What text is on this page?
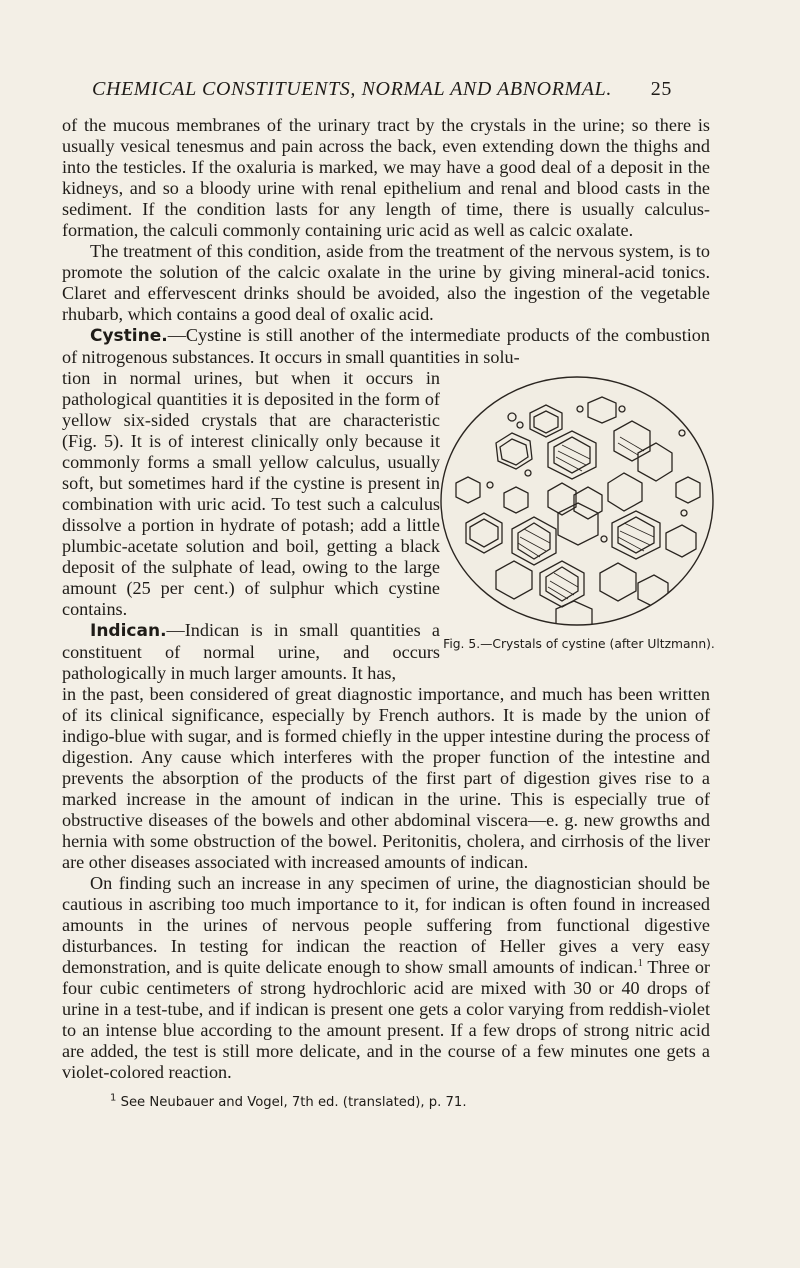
CHEMICAL CONSTITUENTS, NORMAL AND ABNORMAL. 25

of the mucous membranes of the urinary tract by the crystals in the urine; so there is usually vesical tenesmus and pain across the back, even extending down the thighs and into the testicles. If the oxaluria is marked, we may have a good deal of a deposit in the kidneys, and so a bloody urine with renal epithelium and renal and blood casts in the sediment. If the condition lasts for any length of time, there is usually calculus-formation, the calculi commonly containing uric acid as well as calcic oxalate.

The treatment of this condition, aside from the treatment of the nervous system, is to promote the solution of the calcic oxalate in the urine by giving mineral-acid tonics. Claret and effervescent drinks should be avoided, also the ingestion of the vegetable rhubarb, which contains a good deal of oxalic acid.

Cystine.—Cystine is still another of the intermediate products of the combustion of nitrogenous substances. It occurs in small quantities in solu-

tion in normal urines, but when it occurs in pathological quantities it is deposited in the form of yellow six-sided crystals that are characteristic (Fig. 5). It is of interest clinically only because it commonly forms a small yellow calculus, usually soft, but sometimes hard if the cystine is present in combination with uric acid. To test such a calculus dissolve a portion in hydrate of potash; add a little plumbic-acetate solution and boil, getting a black deposit of the sulphate of lead, owing to the large amount (25 per cent.) of sulphur which cystine contains.

Indican.—Indican is in small quantities a constituent of normal urine, and occurs pathologically in much larger amounts. It has,

in the past, been considered of great diagnostic importance, and much has been written of its clinical significance, especially by French authors. It is made by the union of indigo-blue with sugar, and is formed chiefly in the upper intestine during the process of digestion. Any cause which interferes with the proper function of the intestine and prevents the absorption of the products of the first part of digestion gives rise to a marked increase in the amount of indican in the urine. This is especially true of obstructive diseases of the bowels and other abdominal viscera—e. g. new growths and hernia with some obstruction of the bowel. Peritonitis, cholera, and cirrhosis of the liver are other diseases associated with increased amounts of indican.

On finding such an increase in any specimen of urine, the diagnostician should be cautious in ascribing too much importance to it, for indican is often found in increased amounts in the urines of nervous people suffering from functional digestive disturbances. In testing for indican the reaction of Heller gives a very easy demonstration, and is quite delicate enough to show small amounts of indican.$^1$ Three or four cubic centimeters of strong hydrochloric acid are mixed with 30 or 40 drops of urine in a test-tube, and if indican is present one gets a color varying from reddish-violet to an intense blue according to the amount present. If a few drops of strong nitric acid are added, the test is still more delicate, and in the course of a few minutes one gets a violet-colored reaction.

Fig. 5.—Crystals of cystine (after Ultzmann).
$^1$ See Neubauer and Vogel, 7th ed. (translated), p. 71.
